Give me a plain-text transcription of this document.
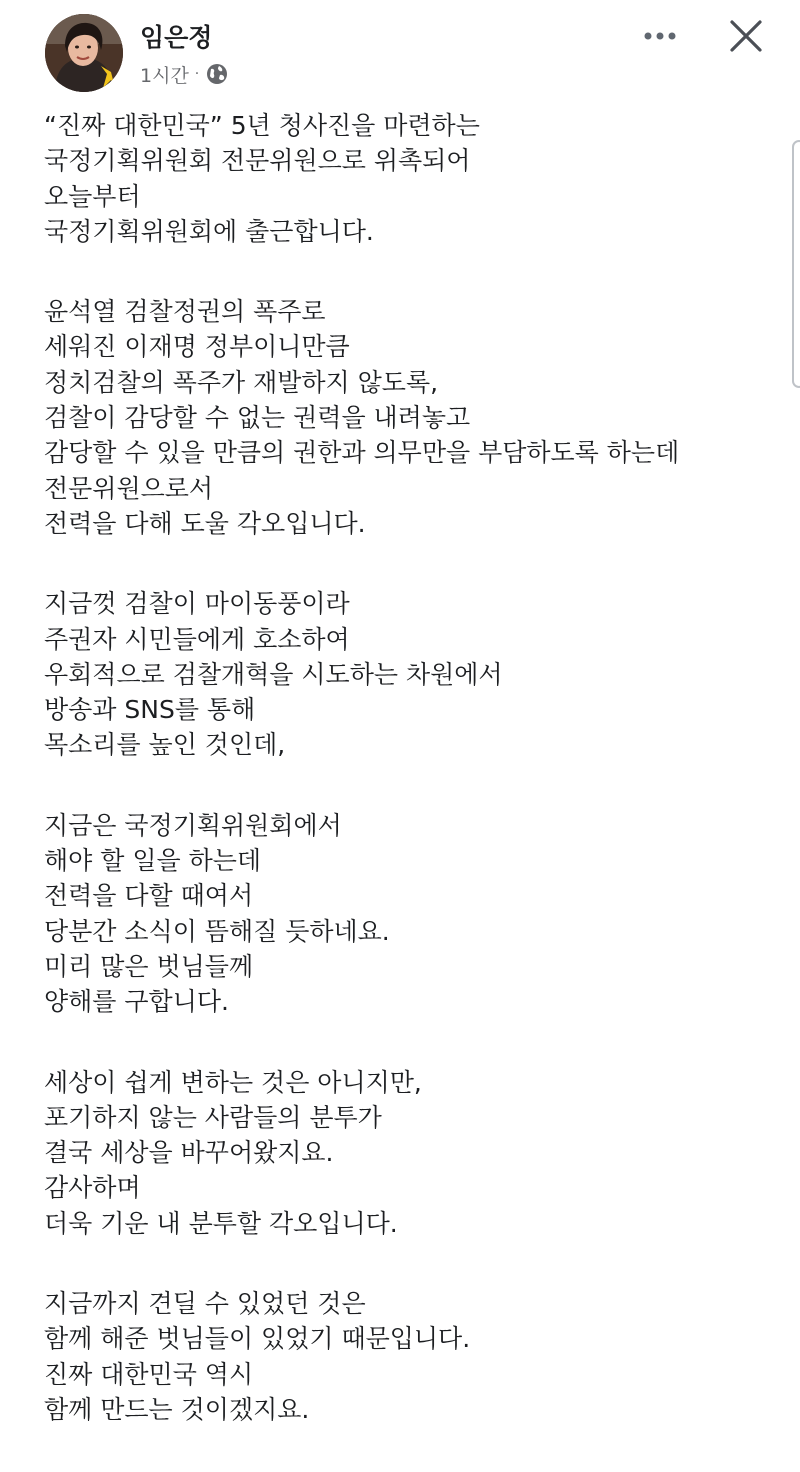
임은정
1시간 ·
“진짜 대한민국” 5년 청사진을 마련하는
국정기획위원회 전문위원으로 위촉되어
오늘부터
국정기획위원회에 출근합니다.
윤석열 검찰정권의 폭주로
세워진 이재명 정부이니만큼
정치검찰의 폭주가 재발하지 않도록,
검찰이 감당할 수 없는 권력을 내려놓고
감당할 수 있을 만큼의 권한과 의무만을 부담하도록 하는데
전문위원으로서
전력을 다해 도울 각오입니다.
지금껏 검찰이 마이동풍이라
주권자 시민들에게 호소하여
우회적으로 검찰개혁을 시도하는 차원에서
방송과 SNS를 통해
목소리를 높인 것인데,
지금은 국정기획위원회에서
해야 할 일을 하는데
전력을 다할 때여서
당분간 소식이 뜸해질 듯하네요.
미리 많은 벗님들께
양해를 구합니다.
세상이 쉽게 변하는 것은 아니지만,
포기하지 않는 사람들의 분투가
결국 세상을 바꾸어왔지요.
감사하며
더욱 기운 내 분투할 각오입니다.
지금까지 견딜 수 있었던 것은
함께 해준 벗님들이 있었기 때문입니다.
진짜 대한민국 역시
함께 만드는 것이겠지요.
